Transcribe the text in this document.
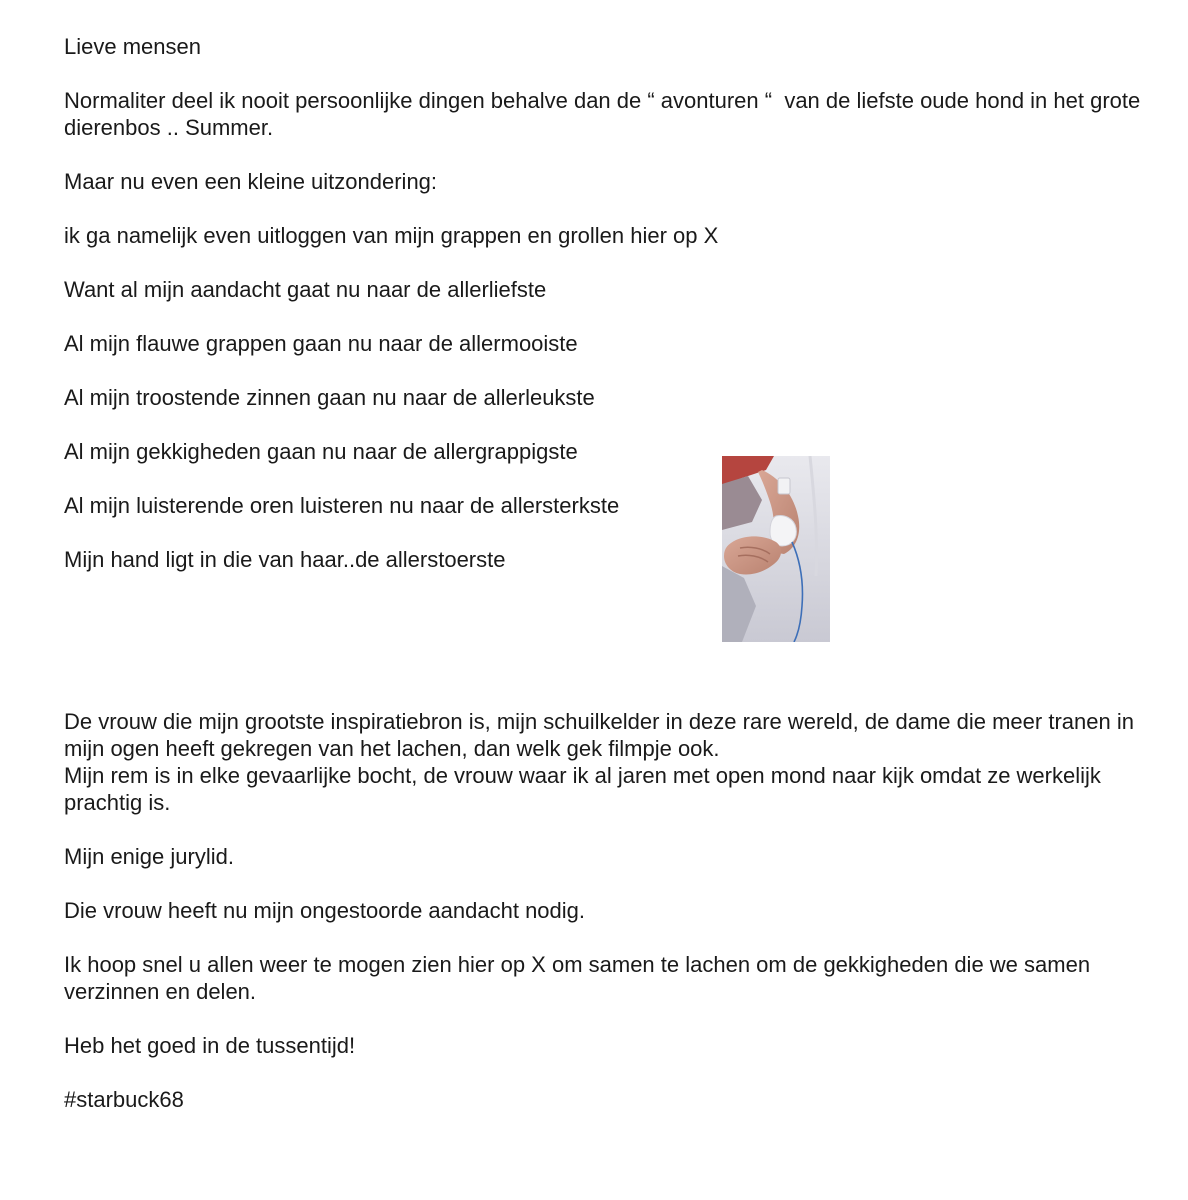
Lieve mensen

Normaliter deel ik nooit persoonlijke dingen behalve dan de “ avonturen “  van de liefste oude hond in het grote dierenbos .. Summer.

Maar nu even een kleine uitzondering:

ik ga namelijk even uitloggen van mijn grappen en grollen hier op X

Want al mijn aandacht gaat nu naar de allerliefste

Al mijn flauwe grappen gaan nu naar de allermooiste

Al mijn troostende zinnen gaan nu naar de allerleukste

Al mijn gekkigheden gaan nu naar de allergrappigste

Al mijn luisterende oren luisteren nu naar de allersterkste

Mijn hand ligt in die van haar..de allerstoerste

De vrouw die mijn grootste inspiratiebron is, mijn schuilkelder in deze rare wereld, de dame die meer tranen in mijn ogen heeft gekregen van het lachen, dan welk gek filmpje ook.

Mijn rem is in elke gevaarlijke bocht, de vrouw waar ik al jaren met open mond naar kijk omdat ze werkelijk prachtig is.

Mijn enige jurylid.

Die vrouw heeft nu mijn ongestoorde aandacht nodig.

Ik hoop snel u allen weer te mogen zien hier op X om samen te lachen om de gekkigheden die we samen verzinnen en delen.

Heb het goed in de tussentijd!

#starbuck68
